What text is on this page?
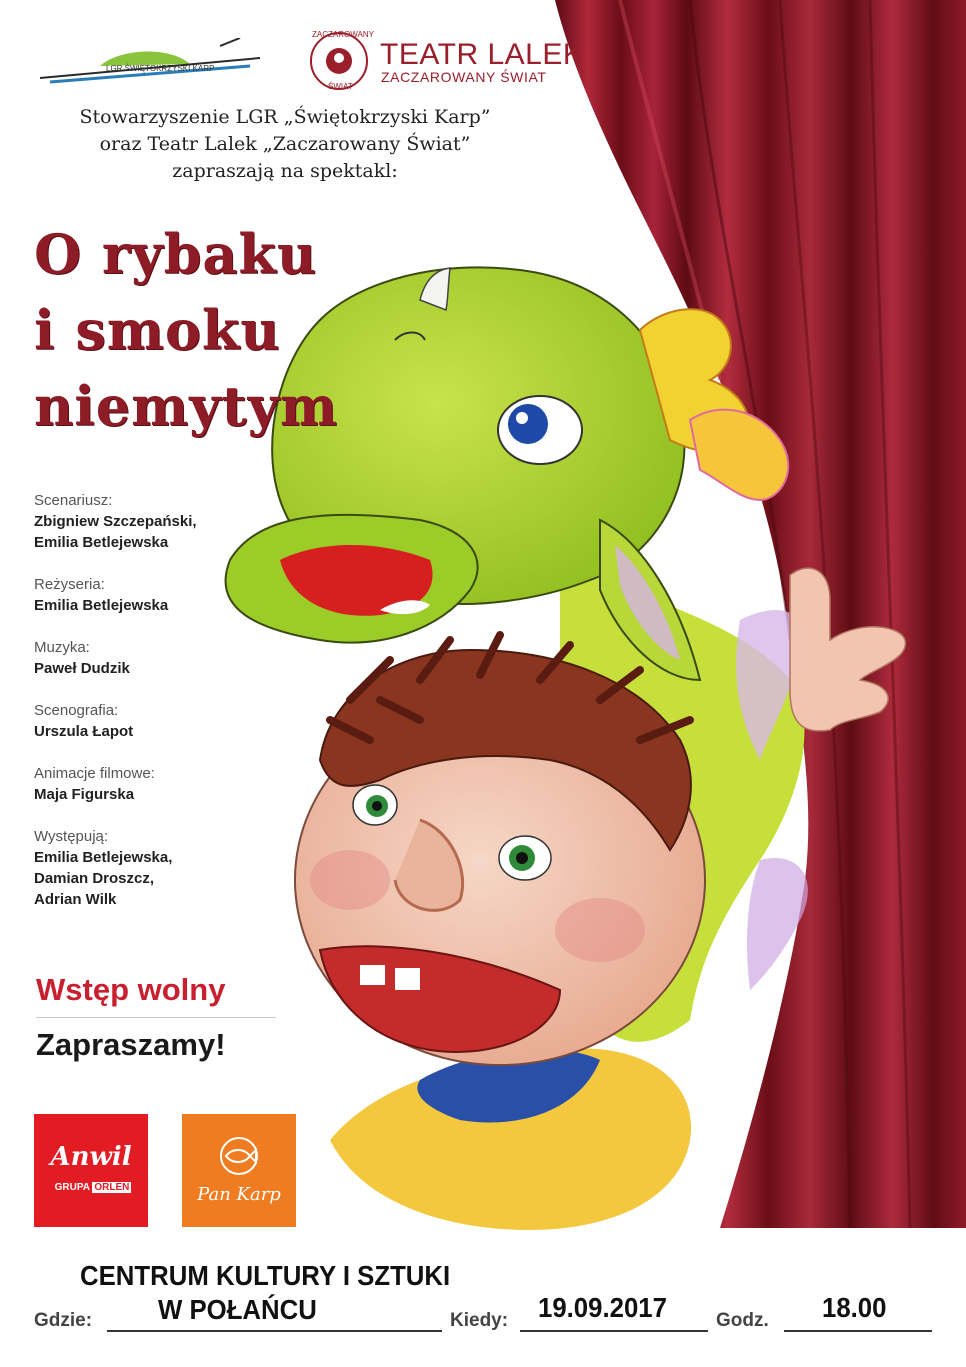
LGR ŚWIĘTOKRZYSKI KARP
ZACZAROWANY
ŚWIAT
TEATR LALEK
ZACZAROWANY ŚWIAT
Stowarzyszenie LGR „Świętokrzyski Karp”
oraz Teatr Lalek „Zaczarowany Świat”
zapraszają na spektakl:
O rybaku
i smoku
niemytym
Scenariusz:
Zbigniew Szczepański,
Emilia Betlejewska
Reżyseria:
Emilia Betlejewska
Muzyka:
Paweł Dudzik
Scenografia:
Urszula Łapot
Animacje filmowe:
Maja Figurska
Występują:
Emilia Betlejewska,
Damian Droszcz,
Adrian Wilk
Wstęp wolny
Zapraszamy!
Anwil
GRUPA ORLEN	Pan Karp
CENTRUM KULTURY I SZTUKI
Gdzie: W POŁAŃCU	Kiedy: 19.09.2017	Godz. 18.00
